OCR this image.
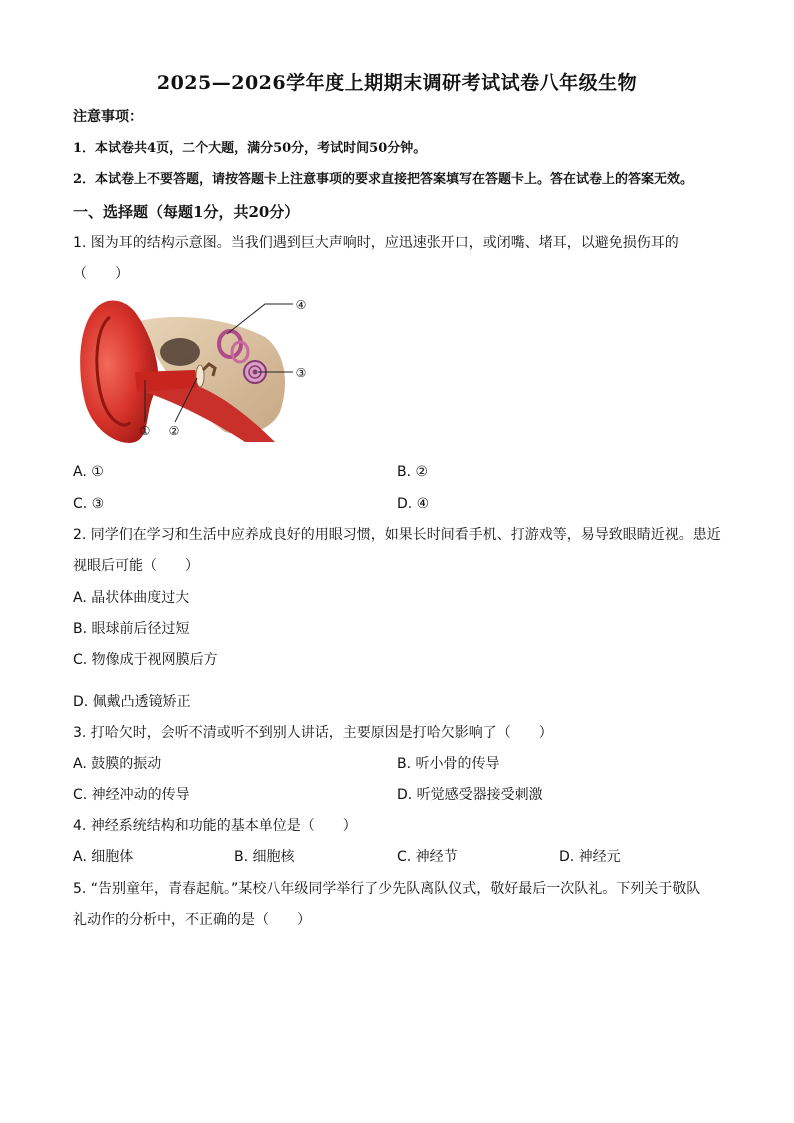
2025—2026学年度上期期末调研考试试卷八年级生物
注意事项：
1．本试卷共4页，二个大题，满分50分，考试时间50分钟。
2．本试卷上不要答题，请按答题卡上注意事项的要求直接把答案填写在答题卡上。答在试卷上的答案无效。
一、选择题（每题1分，共20分）
1. 图为耳的结构示意图。当我们遇到巨大声响时，应迅速张开口，或闭嘴、堵耳，以避免损伤耳的
（　　）
① ②
③
④
A. ①	B. ②
C. ③	D. ④
2. 同学们在学习和生活中应养成良好的用眼习惯，如果长时间看手机、打游戏等，易导致眼睛近视。患近
视眼后可能（　　）
A. 晶状体曲度过大
B. 眼球前后径过短
C. 物像成于视网膜后方
D. 佩戴凸透镜矫正
3. 打哈欠时，会听不清或听不到别人讲话，主要原因是打哈欠影响了（　　）
A. 鼓膜的振动	B. 听小骨的传导
C. 神经冲动的传导	D. 听觉感受器接受刺激
4. 神经系统结构和功能的基本单位是（　　）
A. 细胞体	B. 细胞核	C. 神经节	D. 神经元
5. “告别童年，青春起航。”某校八年级同学举行了少先队离队仪式，敬好最后一次队礼。下列关于敬队
礼动作的分析中，不正确的是（　　）
